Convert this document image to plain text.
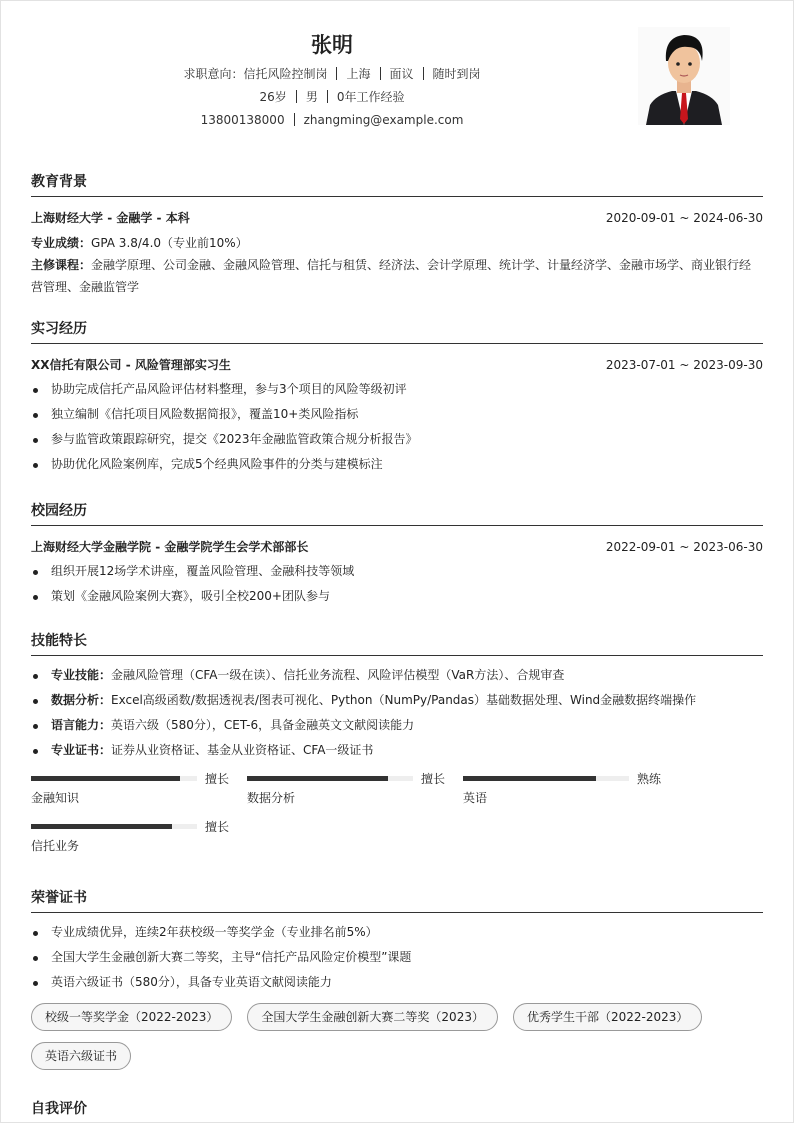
张明
求职意向：信托风险控制岗 上海 面议 随时到岗
26岁 男 0年工作经验
13800138000 zhangming@example.com
教育背景
上海财经大学 - 金融学 - 本科	2020-09-01 ~ 2024-06-30
专业成绩：GPA 3.8/4.0（专业前10%）
主修课程：金融学原理、公司金融、金融风险管理、信托与租赁、经济法、会计学原理、统计学、计量经济学、金融市场学、商业银行经营管理、金融监管学
实习经历
XX信托有限公司 - 风险管理部实习生	2023-07-01 ~ 2023-09-30
协助完成信托产品风险评估材料整理，参与3个项目的风险等级初评
独立编制《信托项目风险数据简报》，覆盖10+类风险指标
参与监管政策跟踪研究，提交《2023年金融监管政策合规分析报告》
协助优化风险案例库，完成5个经典风险事件的分类与建模标注
校园经历
上海财经大学金融学院 - 金融学院学生会学术部部长	2022-09-01 ~ 2023-06-30
组织开展12场学术讲座，覆盖风险管理、金融科技等领域
策划《金融风险案例大赛》，吸引全校200+团队参与
技能特长
专业技能：金融风险管理（CFA一级在读）、信托业务流程、风险评估模型（VaR方法）、合规审查
数据分析：Excel高级函数/数据透视表/图表可视化、Python（NumPy/Pandas）基础数据处理、Wind金融数据终端操作
语言能力：英语六级（580分），CET-6，具备金融英文文献阅读能力
专业证书：证券从业资格证、基金从业资格证、CFA一级证书
擅长
金融知识
擅长
数据分析
熟练
英语
擅长
信托业务
荣誉证书
专业成绩优异，连续2年获校级一等奖学金（专业排名前5%）
全国大学生金融创新大赛二等奖，主导“信托产品风险定价模型”课题
英语六级证书（580分），具备专业英语文献阅读能力
校级一等奖学金（2022-2023）	全国大学生金融创新大赛二等奖（2023）	优秀学生干部（2022-2023）
英语六级证书
自我评价
